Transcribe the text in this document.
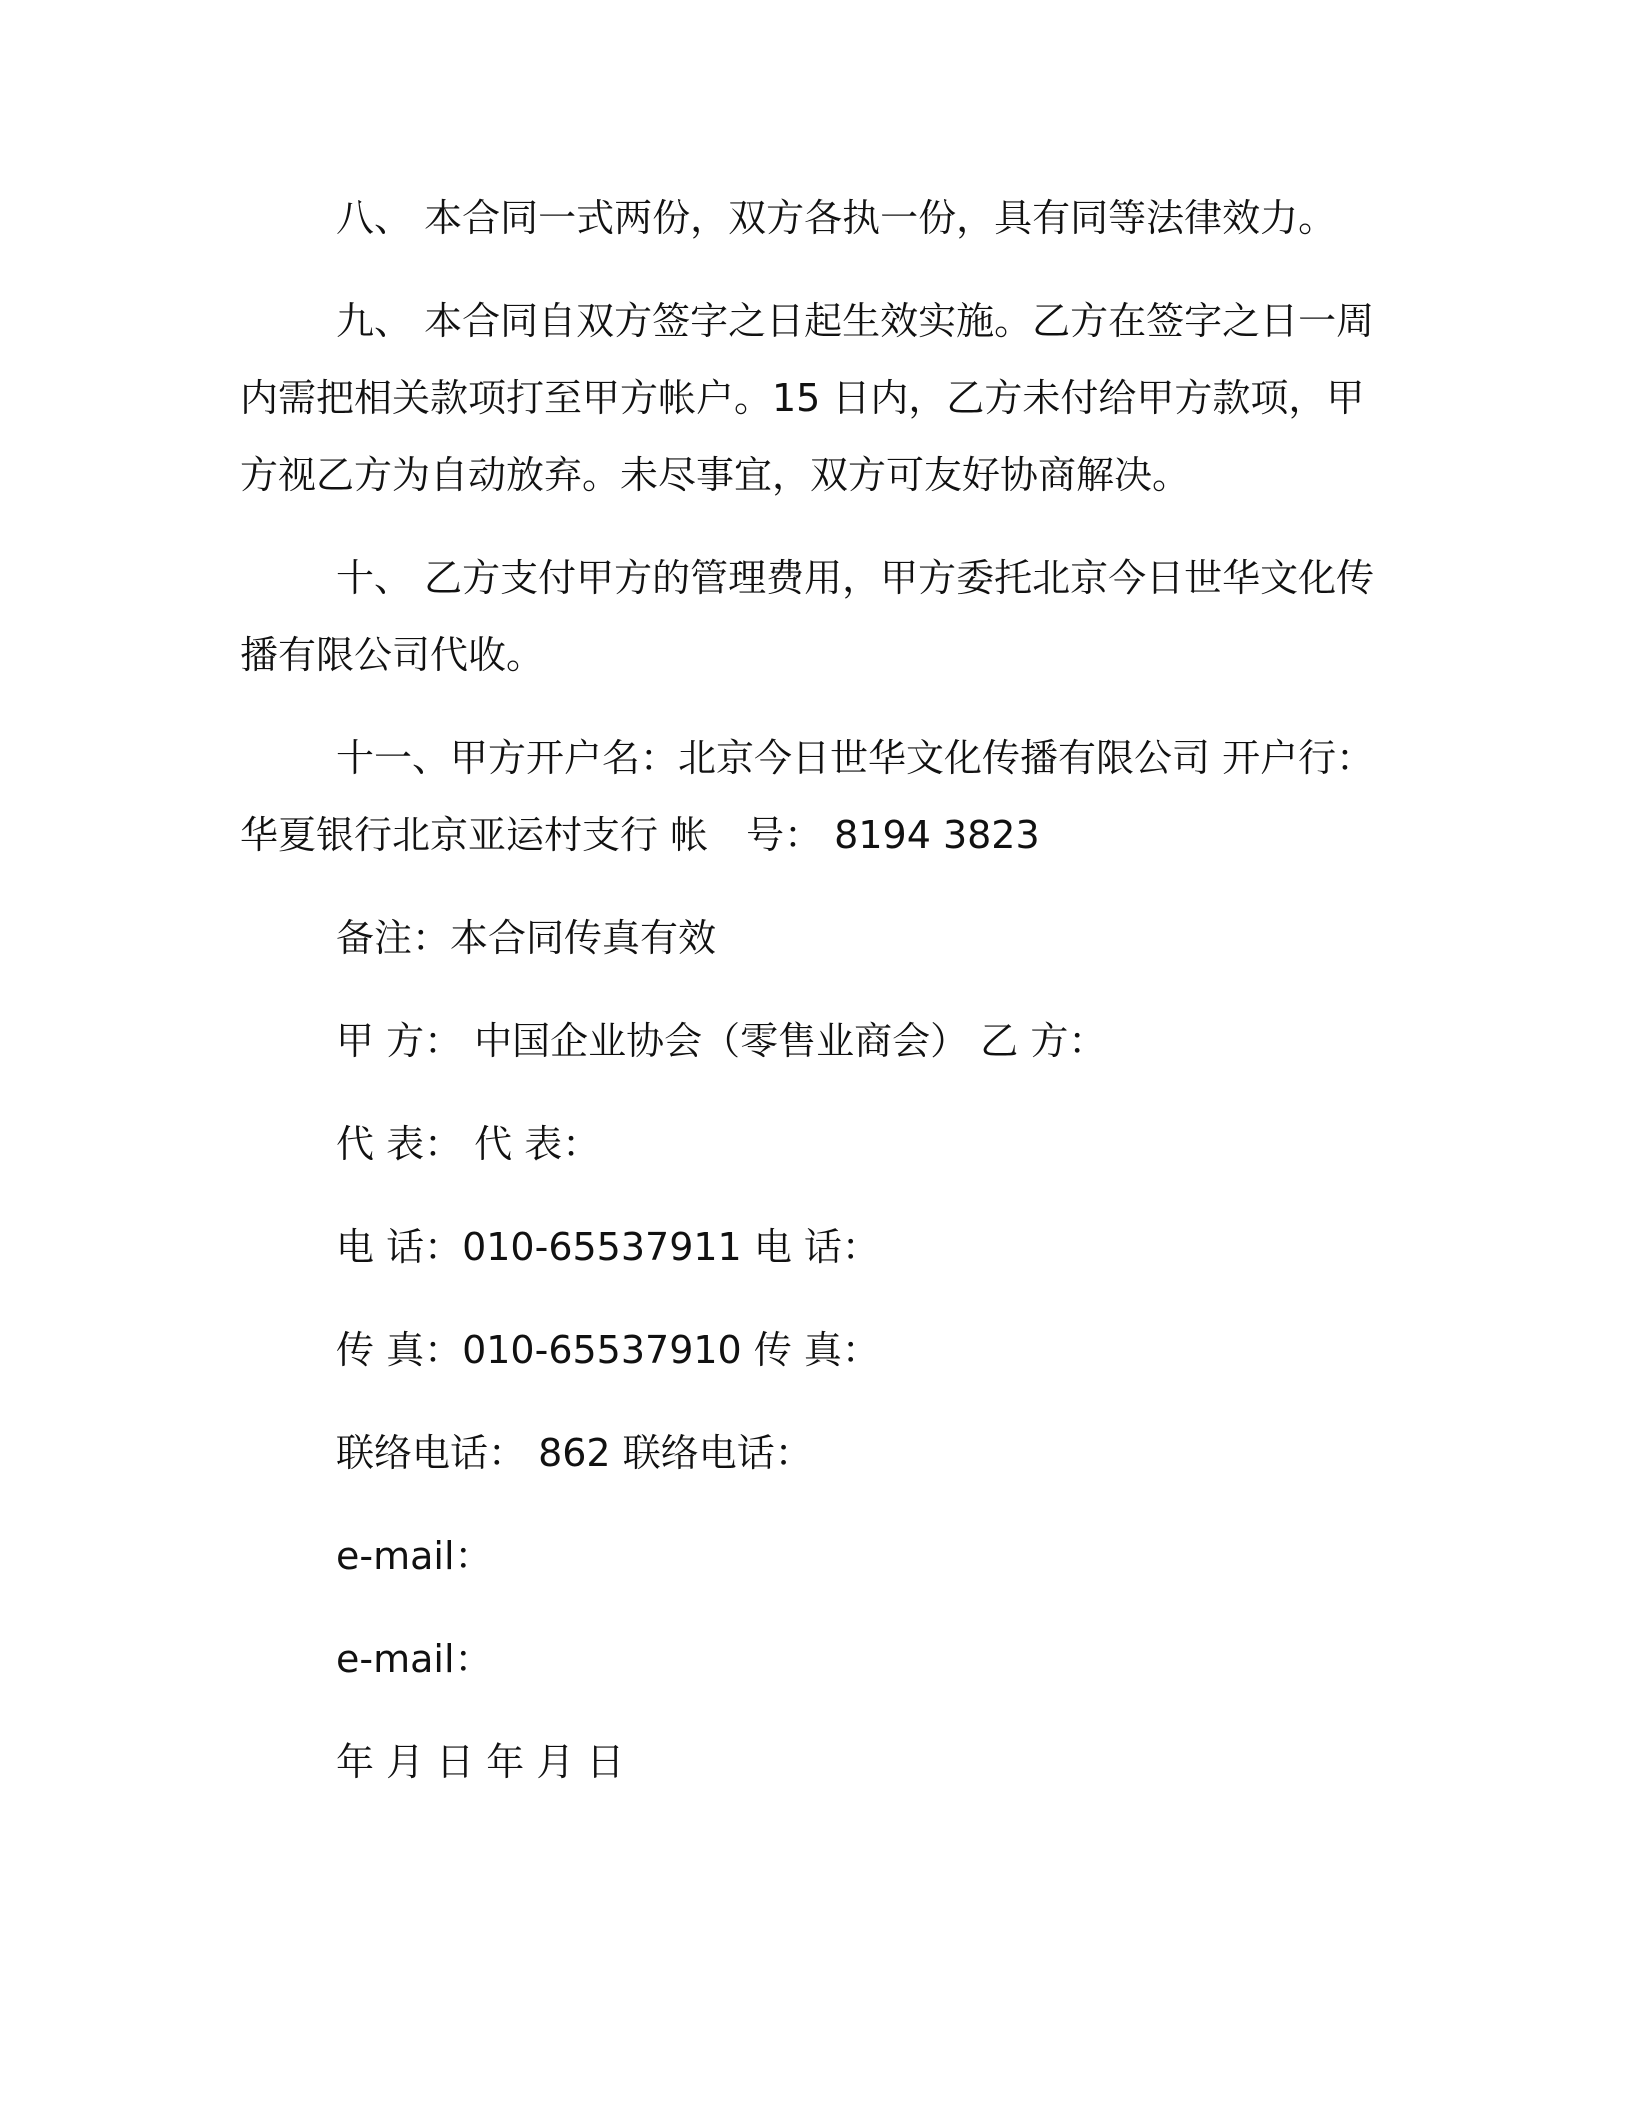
八、 本合同一式两份，双方各执一份，具有同等法律效力。

九、 本合同自双方签字之日起生效实施。乙方在签字之日一周内需把相关款项打至甲方帐户。15 日内，乙方未付给甲方款项，甲方视乙方为自动放弃。未尽事宜，双方可友好协商解决。

十、 乙方支付甲方的管理费用，甲方委托北京今日世华文化传播有限公司代收。

十一、甲方开户名：北京今日世华文化传播有限公司 开户行：华夏银行北京亚运村支行 帐　号： 8194 3823

备注：本合同传真有效

甲 方： 中国企业协会（零售业商会） 乙 方：

代 表： 代 表：

电 话：010-65537911 电 话：

传 真：010-65537910 传 真：

联络电话： 862 联络电话：

e-mail：

e-mail：

年 月 日 年 月 日
